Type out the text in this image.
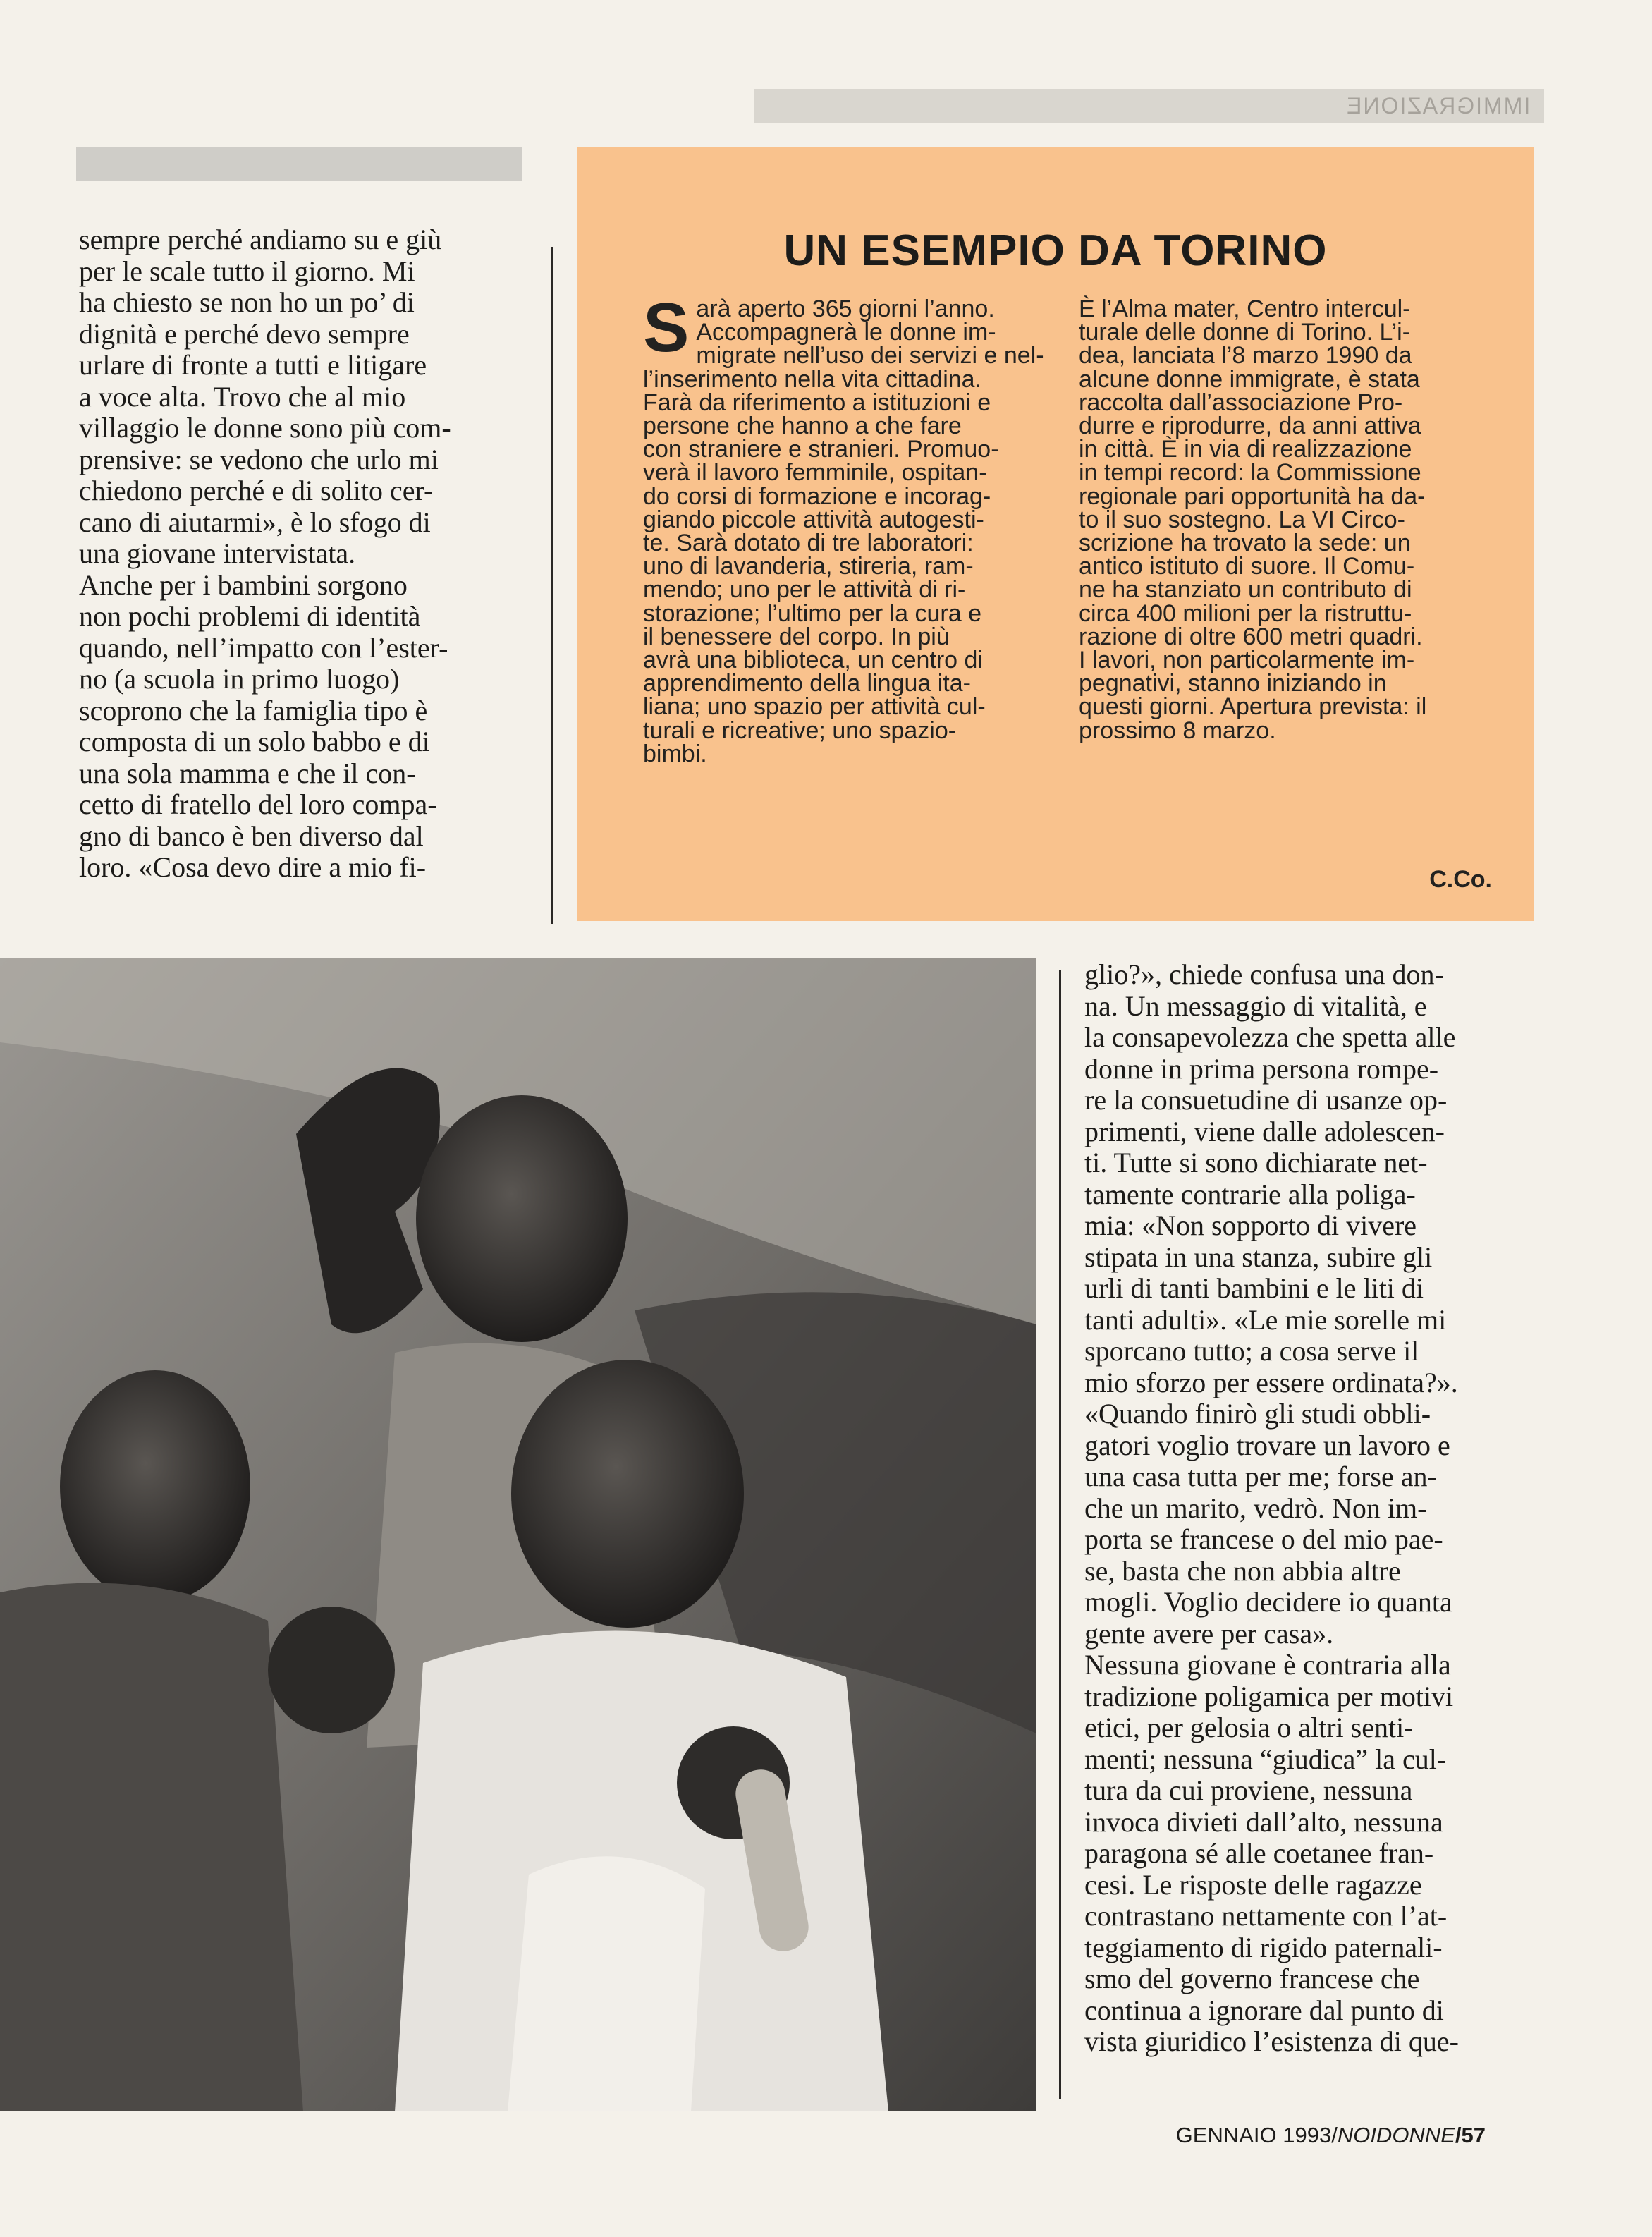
IMMIGRAZIONE
sempre perché andiamo su e giù
per le scale tutto il giorno. Mi
ha chiesto se non ho un po’ di
dignità e perché devo sempre
urlare di fronte a tutti e litigare
a voce alta. Trovo che al mio
villaggio le donne sono più com-
prensive: se vedono che urlo mi
chiedono perché e di solito cer-
cano di aiutarmi», è lo sfogo di
una giovane intervistata.
Anche per i bambini sorgono
non pochi problemi di identità
quando, nell’impatto con l’ester-
no (a scuola in primo luogo)
scoprono che la famiglia tipo è
composta di un solo babbo e di
una sola mamma e che il con-
cetto di fratello del loro compa-
gno di banco è ben diverso dal
loro. «Cosa devo dire a mio fi-
UN ESEMPIO DA TORINO
S arà aperto 365 giorni l’anno.
Accompagnerà le donne im-
migrate nell’uso dei servizi e nel-
l’inserimento nella vita cittadina.
Farà da riferimento a istituzioni e
persone che hanno a che fare
con straniere e stranieri. Promuo-
verà il lavoro femminile, ospitan-
do corsi di formazione e incorag-
giando piccole attività autogesti-
te. Sarà dotato di tre laboratori:
uno di lavanderia, stireria, ram-
mendo; uno per le attività di ri-
storazione; l’ultimo per la cura e
il benessere del corpo. In più
avrà una biblioteca, un centro di
apprendimento della lingua ita-
liana; uno spazio per attività cul-
turali e ricreative; uno spazio-
bimbi.
È l’Alma mater, Centro intercul-
turale delle donne di Torino. L’i-
dea, lanciata l’8 marzo 1990 da
alcune donne immigrate, è stata
raccolta dall’associazione Pro-
durre e riprodurre, da anni attiva
in città. È in via di realizzazione
in tempi record: la Commissione
regionale pari opportunità ha da-
to il suo sostegno. La VI Circo-
scrizione ha trovato la sede: un
antico istituto di suore. Il Comu-
ne ha stanziato un contributo di
circa 400 milioni per la ristruttu-
razione di oltre 600 metri quadri.
I lavori, non particolarmente im-
pegnativi, stanno iniziando in
questi giorni. Apertura prevista: il
prossimo 8 marzo.
C.Co.
glio?», chiede confusa una don-
na. Un messaggio di vitalità, e
la consapevolezza che spetta alle
donne in prima persona rompe-
re la consuetudine di usanze op-
primenti, viene dalle adolescen-
ti. Tutte si sono dichiarate net-
tamente contrarie alla poliga-
mia: «Non sopporto di vivere
stipata in una stanza, subire gli
urli di tanti bambini e le liti di
tanti adulti». «Le mie sorelle mi
sporcano tutto; a cosa serve il
mio sforzo per essere ordinata?».
«Quando finirò gli studi obbli-
gatori voglio trovare un lavoro e
una casa tutta per me; forse an-
che un marito, vedrò. Non im-
porta se francese o del mio pae-
se, basta che non abbia altre
mogli. Voglio decidere io quanta
gente avere per casa».
Nessuna giovane è contraria alla
tradizione poligamica per motivi
etici, per gelosia o altri senti-
menti; nessuna “giudica” la cul-
tura da cui proviene, nessuna
invoca divieti dall’alto, nessuna
paragona sé alle coetanee fran-
cesi. Le risposte delle ragazze
contrastano nettamente con l’at-
teggiamento di rigido paternali-
smo del governo francese che
continua a ignorare dal punto di
vista giuridico l’esistenza di que-
GENNAIO 1993/NOIDONNE/57
